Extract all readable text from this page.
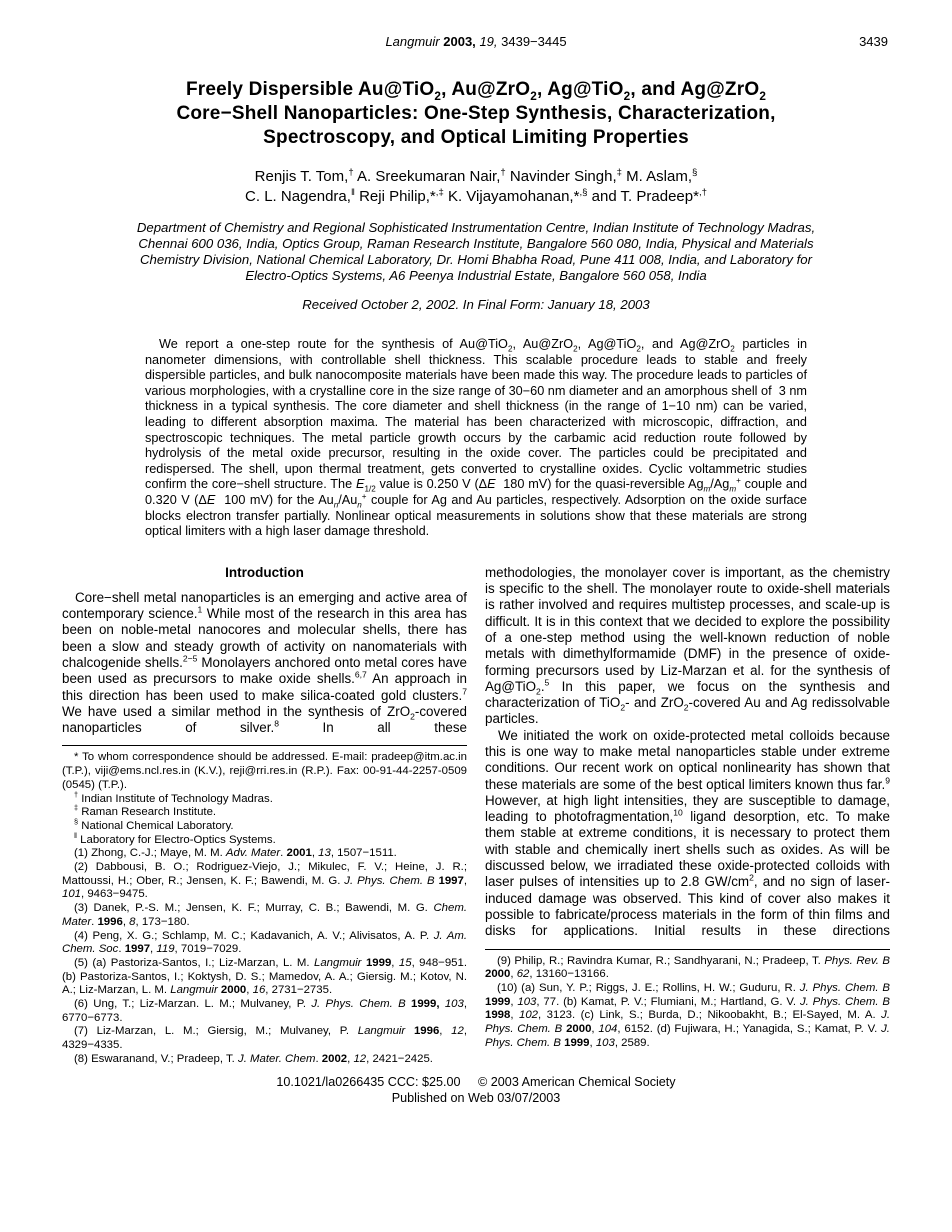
Langmuir 2003, 19, 3439−3445	3439
Freely Dispersible Au@TiO$_2$, Au@ZrO$_2$, Ag@TiO$_2$, and Ag@ZrO$_2$ Core−Shell Nanoparticles: One-Step Synthesis, Characterization, Spectroscopy, and Optical Limiting Properties
Renjis T. Tom,† A. Sreekumaran Nair,† Navinder Singh,‡ M. Aslam,§
C. L. Nagendra,‖ Reji Philip,*,‡ K. Vijayamohanan,*,§ and T. Pradeep*,†
Department of Chemistry and Regional Sophisticated Instrumentation Centre, Indian Institute of Technology Madras, Chennai 600 036, India, Optics Group, Raman Research Institute, Bangalore 560 080, India, Physical and Materials Chemistry Division, National Chemical Laboratory, Dr. Homi Bhabha Road, Pune 411 008, India, and Laboratory for Electro-Optics Systems, A6 Peenya Industrial Estate, Bangalore 560 058, India
Received October 2, 2002. In Final Form: January 18, 2003

We report a one-step route for the synthesis of Au@TiO$_2$, Au@ZrO$_2$, Ag@TiO$_2$, and Ag@ZrO$_2$ particles in nanometer dimensions, with controllable shell thickness. This scalable procedure leads to stable and freely dispersible particles, and bulk nanocomposite materials have been made this way. The procedure leads to particles of various morphologies, with a crystalline core in the size range of 30−60 nm diameter and an amorphous shell of  3 nm thickness in a typical synthesis. The core diameter and shell thickness (in the range of 1−10 nm) can be varied, leading to different absorption maxima. The material has been characterized with microscopic, diffraction, and spectroscopic techniques. The metal particle growth occurs by the carbamic acid reduction route followed by hydrolysis of the metal oxide precursor, resulting in the oxide cover. The particles could be precipitated and redispersed. The shell, upon thermal treatment, gets converted to crystalline oxides. Cyclic voltammetric studies confirm the core−shell structure. The $E_{1/2}$ value is 0.250 V (ΔE  180 mV) for the quasi-reversible $Ag_m/Ag_m^+$ couple and 0.320 V (ΔE  100 mV) for the $Au_n/Au_n^+$ couple for Ag and Au particles, respectively. Adsorption on the oxide surface blocks electron transfer partially. Nonlinear optical measurements in solutions show that these materials are strong optical limiters with a high laser damage threshold.

Introduction

Core−shell metal nanoparticles is an emerging and active area of contemporary science.$^1$ While most of the research in this area has been on noble-metal nanocores and molecular shells, there has been a slow and steady growth of activity on nanomaterials with chalcogenide shells.$^{2-5}$ Monolayers anchored onto metal cores have been used as precursors to make oxide shells.$^{6,7}$ An approach in this direction has been used to make silica-coated gold clusters.$^7$ We have used a similar method in the synthesis of ZrO$_2$-covered nanoparticles of silver.$^8$ In all these

* To whom correspondence should be addressed. E-mail: pradeep@itm.ac.in (T.P.), viji@ems.ncl.res.in (K.V.), reji@rri.res.in (R.P.). Fax: 00-91-44-2257-0509 (0545) (T.P.).

† Indian Institute of Technology Madras.

‡ Raman Research Institute.

§ National Chemical Laboratory.

‖ Laboratory for Electro-Optics Systems.

(1) Zhong, C.-J.; Maye, M. M. Adv. Mater. 2001, 13, 1507−1511.

(2) Dabbousi, B. O.; Rodriguez-Viejo, J.; Mikulec, F. V.; Heine, J. R.; Mattoussi, H.; Ober, R.; Jensen, K. F.; Bawendi, M. G. J. Phys. Chem. B 1997, 101, 9463−9475.

(3) Danek, P.-S. M.; Jensen, K. F.; Murray, C. B.; Bawendi, M. G. Chem. Mater. 1996, 8, 173−180.

(4) Peng, X. G.; Schlamp, M. C.; Kadavanich, A. V.; Alivisatos, A. P. J. Am. Chem. Soc. 1997, 119, 7019−7029.

(5) (a) Pastoriza-Santos, I.; Liz-Marzan, L. M. Langmuir 1999, 15, 948−951. (b) Pastoriza-Santos, I.; Koktysh, D. S.; Mamedov, A. A.; Giersig. M.; Kotov, N. A.; Liz-Marzan, L. M. Langmuir 2000, 16, 2731−2735.

(6) Ung, T.; Liz-Marzan. L. M.; Mulvaney, P. J. Phys. Chem. B 1999, 103, 6770−6773.

(7) Liz-Marzan, L. M.; Giersig, M.; Mulvaney, P. Langmuir 1996, 12, 4329−4335.

(8) Eswaranand, V.; Pradeep, T. J. Mater. Chem. 2002, 12, 2421−2425.

methodologies, the monolayer cover is important, as the chemistry is specific to the shell. The monolayer route to oxide-shell materials is rather involved and requires multistep processes, and scale-up is difficult. It is in this context that we decided to explore the possibility of a one-step method using the well-known reduction of noble metals with dimethylformamide (DMF) in the presence of oxide-forming precursors used by Liz-Marzan et al. for the synthesis of Ag@TiO$_2$.$^5$ In this paper, we focus on the synthesis and characterization of TiO$_2$- and ZrO$_2$-covered Au and Ag redissolvable particles.

We initiated the work on oxide-protected metal colloids because this is one way to make metal nanoparticles stable under extreme conditions. Our recent work on optical nonlinearity has shown that these materials are some of the best optical limiters known thus far.$^9$ However, at high light intensities, they are susceptible to damage, leading to photofragmentation,$^{10}$ ligand desorption, etc. To make them stable at extreme conditions, it is necessary to protect them with stable and chemically inert shells such as oxides. As will be discussed below, we irradiated these oxide-protected colloids with laser pulses of intensities up to 2.8 $GW/cm^2$, and no sign of laser-induced damage was observed. This kind of cover also makes it possible to fabricate/process materials in the form of thin films and disks for applications. Initial results in these directions

(9) Philip, R.; Ravindra Kumar, R.; Sandhyarani, N.; Pradeep, T. Phys. Rev. B 2000, 62, 13160−13166.

(10) (a) Sun, Y. P.; Riggs, J. E.; Rollins, H. W.; Guduru, R. J. Phys. Chem. B 1999, 103, 77. (b) Kamat, P. V.; Flumiani, M.; Hartland, G. V. J. Phys. Chem. B 1998, 102, 3123. (c) Link, S.; Burda, D.; Nikoobakht, B.; El-Sayed, M. A. J. Phys. Chem. B 2000, 104, 6152. (d) Fujiwara, H.; Yanagida, S.; Kamat, P. V. J. Phys. Chem. B 1999, 103, 2589.

10.1021/la0266435 CCC: $25.00     © 2003 American Chemical Society
Published on Web 03/07/2003
